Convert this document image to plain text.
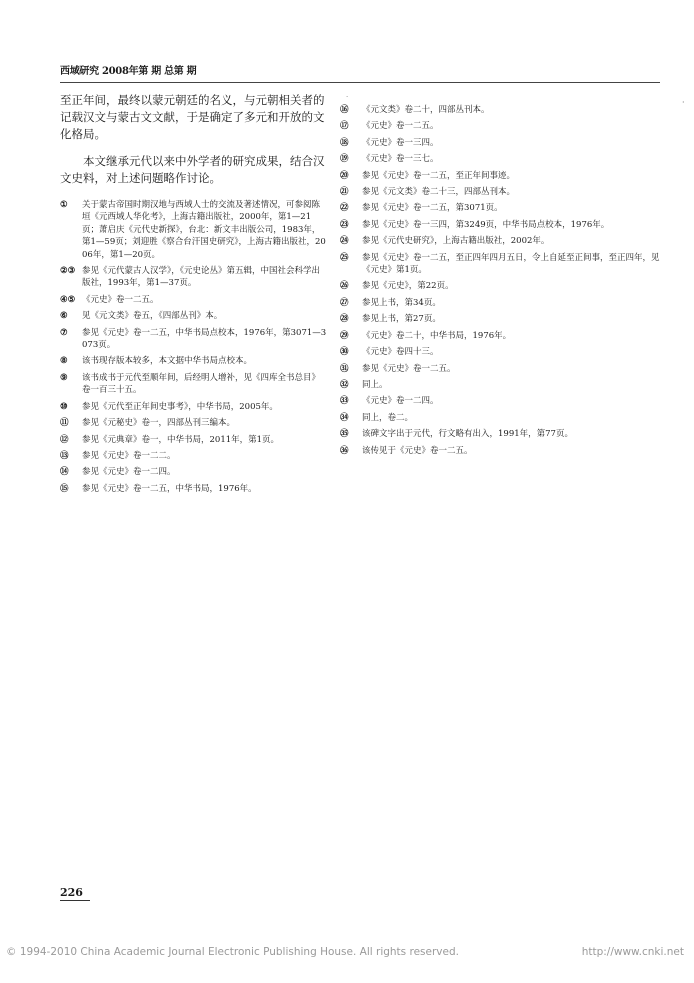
西域研究 2008年第 期 总第 期
·

至正年间，最终以蒙元朝廷的名义，与元朝相关者的记载汉文与蒙古文文献，于是确定了多元和开放的文化格局。

本文继承元代以来中外学者的研究成果，结合汉文史料，对上述问题略作讨论。

①	关于蒙古帝国时期汉地与西域人士的交流及著述情况，可参阅陈垣《元西域人华化考》，上海古籍出版社，2000年，第1—21页；萧启庆《元代史新探》，台北：新文丰出版公司，1983年，第1—59页；刘迎胜《察合台汗国史研究》，上海古籍出版社，2006年，第1—20页。
②③ 参见《元代蒙古人汉学》，《元史论丛》第五辑，中国社会科学出版社，1993年，第1—37页。
④⑤ 《元史》卷一二五。
⑥	见《元文类》卷五，《四部丛刊》本。
⑦	参见《元史》卷一二五，中华书局点校本，1976年，第3071—3073页。
⑧	该书现存版本较多，本文据中华书局点校本。
⑨	该书成书于元代至顺年间，后经明人增补，见《四库全书总目》卷一百三十五。
⑩	参见《元代至正年间史事考》，中华书局，2005年。
⑪	参见《元秘史》卷一，四部丛刊三编本。
⑫	参见《元典章》卷一，中华书局，2011年，第1页。
⑬	参见《元史》卷一二二。
⑭	参见《元史》卷一二四。
⑮	参见《元史》卷一二五，中华书局，1976年。
⑯	《元文类》卷二十，四部丛刊本。
⑰	《元史》卷一二五。
⑱	《元史》卷一三四。
⑲	《元史》卷一三七。
⑳	参见《元史》卷一二五，至正年间事迹。
㉑	参见《元文类》卷二十三，四部丛刊本。
㉒	参见《元史》卷一二五，第3071页。
㉓	参见《元史》卷一三四，第3249页，中华书局点校本，1976年。
㉔	参见《元代史研究》，上海古籍出版社，2002年。
㉕	参见《元史》卷一二五，至正四年四月五日，令上自延至正间事，至正四年，见《元史》第1页。
㉖	参见《元史》，第22页。
㉗	参见上书，第34页。
㉘	参见上书，第27页。
㉙	《元史》卷二十，中华书局，1976年。
㉚	《元史》卷四十三。
㉛	参见《元史》卷一二五。
㉜	同上。
㉝	《元史》卷一二四。
㉞	同上，卷二。
㉟	该碑文字出于元代，行文略有出入，1991年，第77页。
㊱	该传见于《元史》卷一二五。
226
·
© 1994-2010 China Academic Journal Electronic Publishing House. All rights reserved.	http://www.cnki.net
